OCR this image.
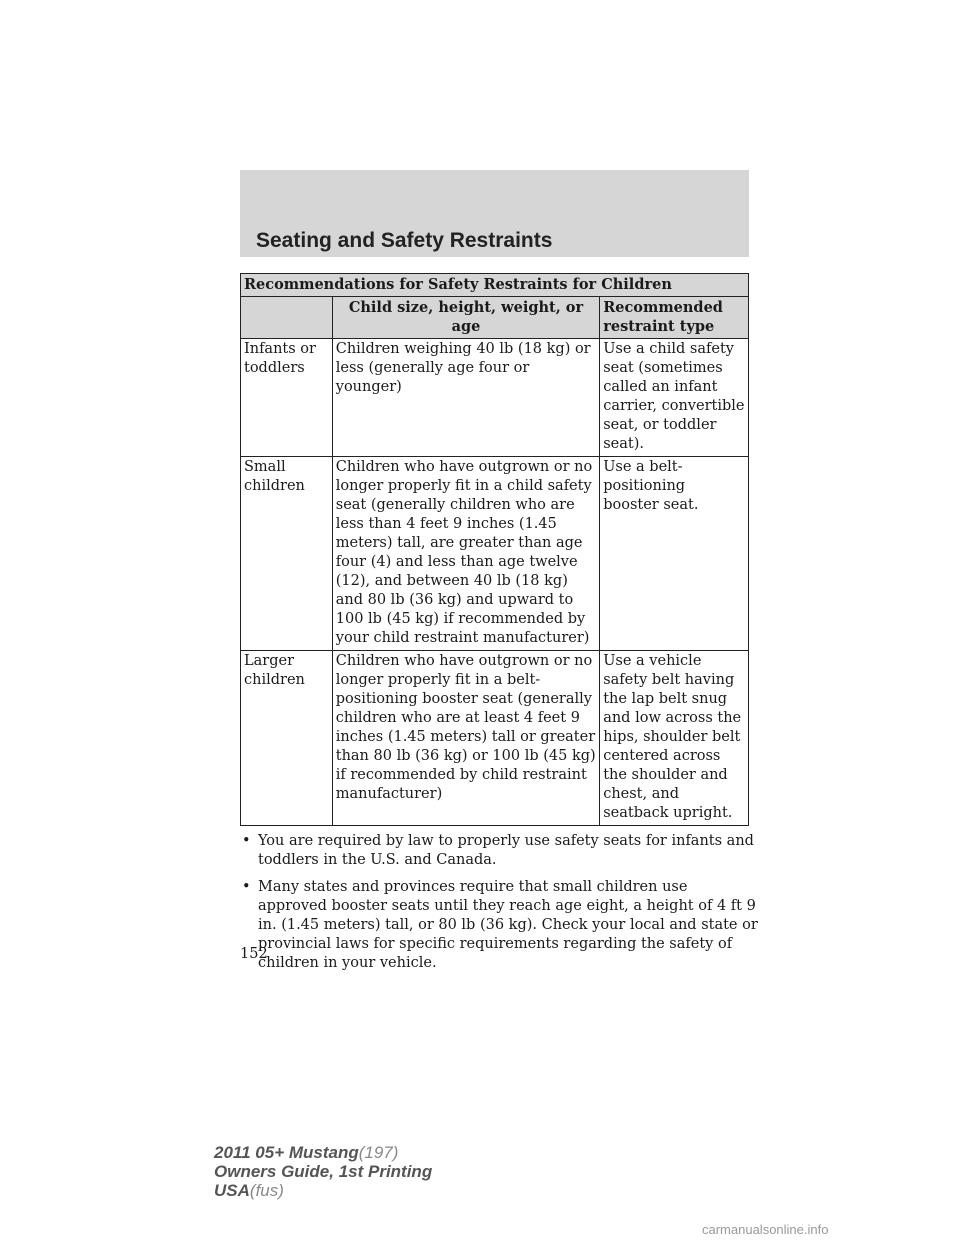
Seating and Safety Restraints
Recommendations for Safety Restraints for Children		
	Child size, height, weight, or age	Recommended restraint type
Infants or toddlers	Children weighing 40 lb (18 kg) or less (generally age four or younger)	Use a child safety seat (sometimes called an infant carrier, convertible seat, or toddler seat).
Small children	Children who have outgrown or no longer properly fit in a child safety seat (generally children who are less than 4 feet 9 inches (1.45 meters) tall, are greater than age four (4) and less than age twelve (12), and between 40 lb (18 kg) and 80 lb (36 kg) and upward to 100 lb (45 kg) if recommended by your child restraint manufacturer)	Use a belt-positioning booster seat.
Larger children	Children who have outgrown or no longer properly fit in a belt-positioning booster seat (generally children who are at least 4 feet 9 inches (1.45 meters) tall or greater than 80 lb (36 kg) or 100 lb (45 kg) if recommended by child restraint manufacturer)	Use a vehicle safety belt having the lap belt snug and low across the hips, shoulder belt centered across the shoulder and chest, and seatback upright.
• You are required by law to properly use safety seats for infants and toddlers in the U.S. and Canada.
• Many states and provinces require that small children use approved booster seats until they reach age eight, a height of 4 ft 9 in. (1.45 meters) tall, or 80 lb (36 kg). Check your local and state or provincial laws for specific requirements regarding the safety of children in your vehicle.
152
2011 05+ Mustang(197)
Owners Guide, 1st Printing
USA(fus)
carmanualsonline.info
